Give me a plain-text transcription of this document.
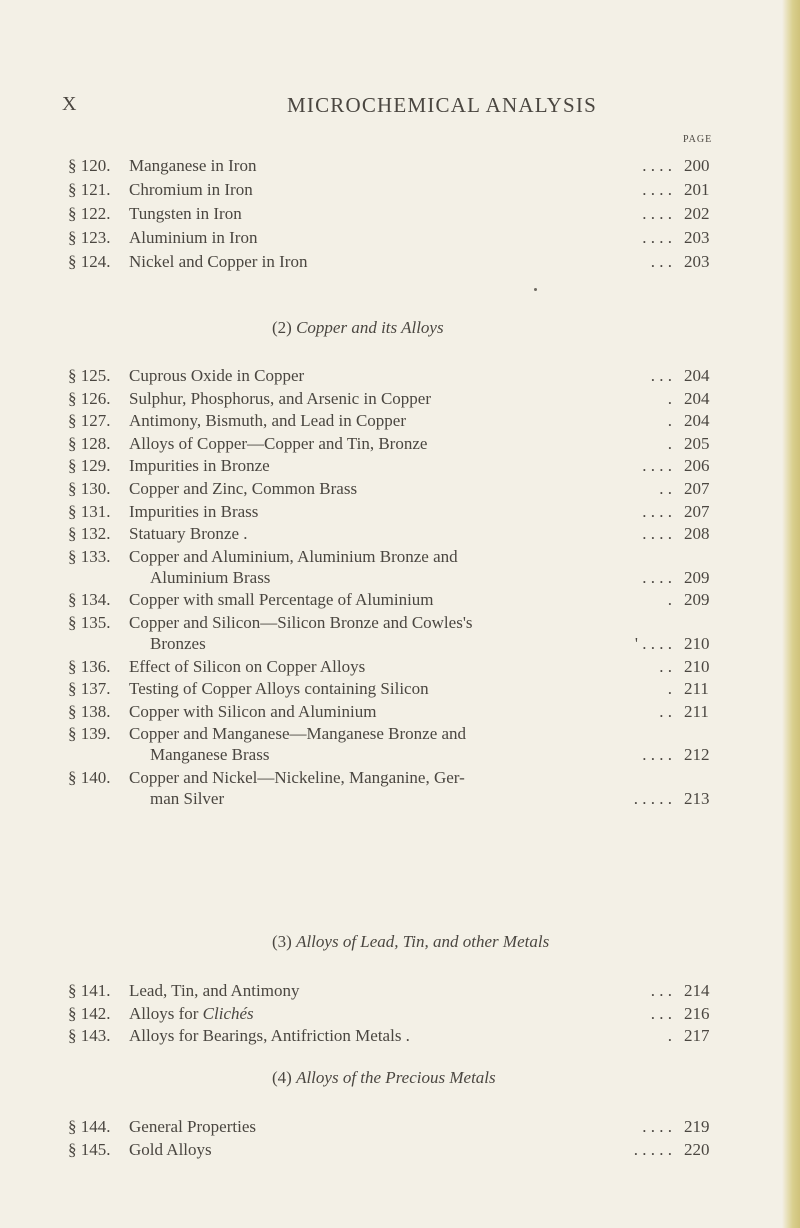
X	MICROCHEMICAL ANALYSIS
PAGE
§ 120. Manganese in Iron	. . . . 200
§ 121. Chromium in Iron	. . . . 201
§ 122. Tungsten in Iron	. . . . 202
§ 123. Aluminium in Iron	. . . . 203
§ 124. Nickel and Copper in Iron	. . . 203
(2) Copper and its Alloys
§ 125. Cuprous Oxide in Copper	. . . 204
§ 126. Sulphur, Phosphorus, and Arsenic in Copper	. 204
§ 127. Antimony, Bismuth, and Lead in Copper	. 204
§ 128. Alloys of Copper—Copper and Tin, Bronze	. 205
§ 129. Impurities in Bronze	. . . . 206
§ 130. Copper and Zinc, Common Brass	. . 207
§ 131. Impurities in Brass	. . . . 207
§ 132. Statuary Bronze .	. . . . 208
§ 133. Copper and Aluminium, Aluminium Bronze and
Aluminium Brass	. . . . 209
§ 134. Copper with small Percentage of Aluminium	. 209
§ 135. Copper and Silicon—Silicon Bronze and Cowles's
Bronzes	' . . . . 210
§ 136. Effect of Silicon on Copper Alloys	. . 210
§ 137. Testing of Copper Alloys containing Silicon	. 211
§ 138. Copper with Silicon and Aluminium	. . 211
§ 139. Copper and Manganese—Manganese Bronze and
Manganese Brass	. . . . 212
§ 140. Copper and Nickel—Nickeline, Manganine, Ger-
man Silver	. . . . . 213
(3) Alloys of Lead, Tin, and other Metals
§ 141. Lead, Tin, and Antimony	. . . 214
§ 142. Alloys for Clichés	. . . 216
§ 143. Alloys for Bearings, Antifriction Metals .	. 217
(4) Alloys of the Precious Metals
§ 144. General Properties	. . . . 219
§ 145. Gold Alloys	. . . . . 220
